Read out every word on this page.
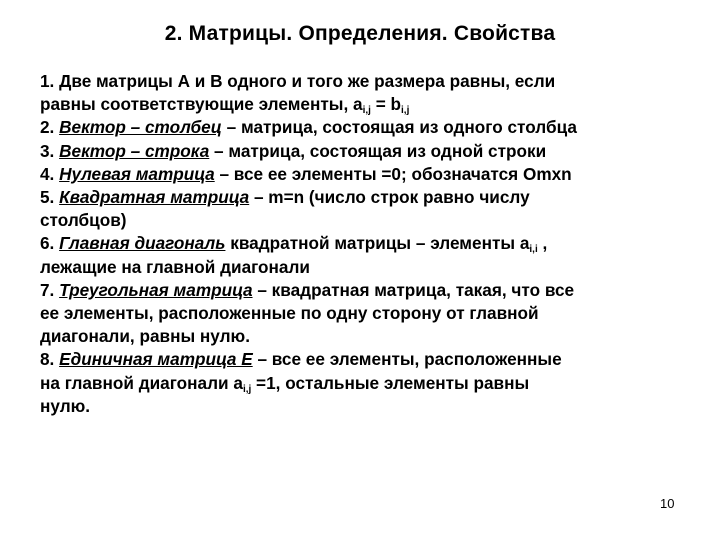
2. Матрицы. Определения. Свойства
1. Две матрицы А и В одного и того же размера равны, если
равны соответствующие элементы, $a_{i,j} = b_{i,j}$
2. Вектор – столбец – матрица, состоящая из одного столбца
3. Вектор – строка – матрица, состоящая из одной строки
4. Нулевая матрица – все ее элементы =0; обозначатся Omxn
5. Квадратная матрица – m=n (число строк равно числу
столбцов)
6. Главная диагональ квадратной матрицы – элементы $a_{i,i}$ ,
лежащие на главной диагонали
7. Треугольная матрица – квадратная матрица, такая, что все
ее элементы, расположенные по одну сторону от главной
диагонали, равны нулю.
8. Единичная матрица Е – все ее элементы, расположенные
на главной диагонали $a_{i,j} =1$, остальные элементы равны
нулю.
10
